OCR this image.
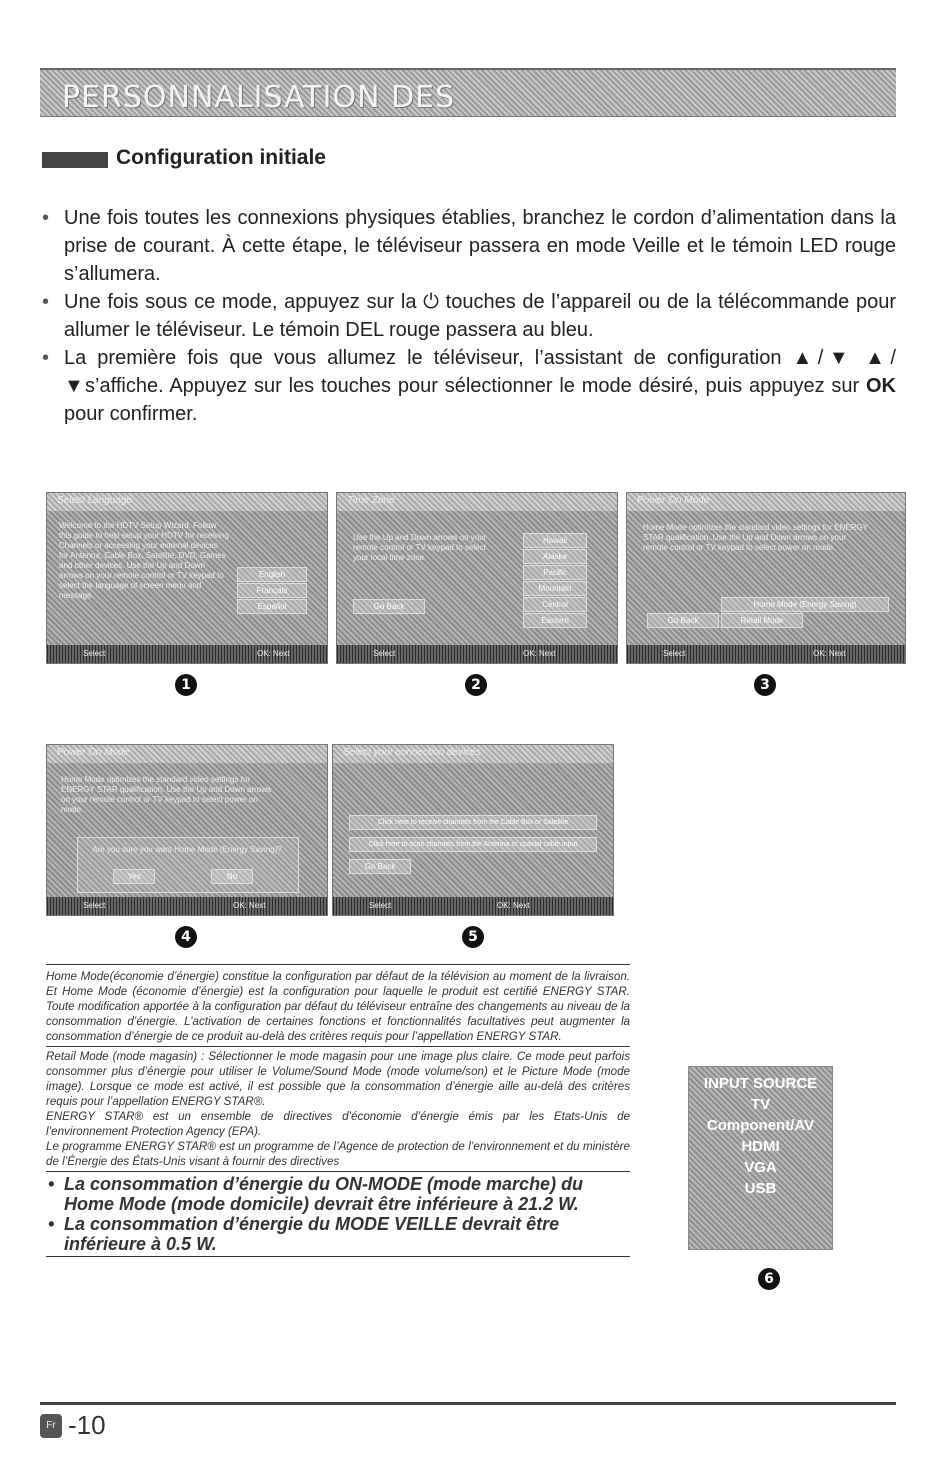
PERSONNALISATION DES
Configuration initiale
• Une fois toutes les connexions physiques établies, branchez le cordon d’alimentation dans la prise de courant. À cette étape, le téléviseur passera en mode Veille et le témoin LED rouge s’allumera.
• Une fois sous ce mode, appuyez sur la ⏻ touches de l’appareil ou de la télécommande pour allumer le téléviseur. Le témoin DEL rouge passera au bleu.
• La première fois que vous allumez le téléviseur, l’assistant de configuration ▲/▼ ▲/▼s’affiche. Appuyez sur les touches pour sélectionner le mode désiré, puis appuyez sur OK pour confirmer.
Select Language
Welcome to the HDTV Setup Wizard. Follow this guide to help setup your HDTV for receiving Channels or accessing your external devices for Antenna, Cable Box, Satellite, DVD, Games and other devices. Use the Up and Down arrows on your remote control or TV keypad to select the language of screen menu and message.
English
Français
Español
Select	OK: Next
1
Time Zone
Use the Up and Down arrows on your remote control or TV keypad to select your local time zone.
Go Back
Hawaii
Alaska
Pacific
Mountain
Central
Eastern
Select	OK: Next
2
Power On Mode
Home Mode optimizes the standard video settings for ENERGY STAR qualification. Use the Up and Down arrows on your remote control or TV keypad to select power on mode.
Home Mode (Energy Saving)
Go Back	Retail Mode
Select	OK: Next
3
Power On Mode
Home Mode optimizes the standard video settings for ENERGY STAR qualification. Use the Up and Down arrows on your remote control or TV keypad to select power on mode.
Are you sure you want Home Mode (Energy Saving)?
Yes	No
Select	OK: Next
4
Select your connection devices
Click here to receive channels from the Cable Box or Satellite
Click here to scan channels from the Antenna or coaxial cable input
Go Back
Select	OK: Next
5

Home Mode(économie d’énergie) constitue la configuration par défaut de la télévision au moment de la livraison. Et Home Mode (économie d’énergie) est la configuration pour laquelle le produit est certifié ENERGY STAR. Toute modification apportée à la configuration par défaut du téléviseur entraîne des changements au niveau de la consommation d’énergie. L’activation de certaines fonctions et fonctionnalités facultatives peut augmenter la consommation d’énergie de ce produit au-delà des critères requis pour l’appellation ENERGY STAR.

Retail Mode (mode magasin) : Sélectionner le mode magasin pour une image plus claire. Ce mode peut parfois consommer plus d’énergie pour utiliser le Volume/Sound Mode (mode volume/son) et le Picture Mode (mode image). Lorsque ce mode est activé, il est possible que la consommation d’énergie aille au-delà des critères requis pour l’appellation ENERGY STAR®.

ENERGY STAR® est un ensemble de directives d’économie d’énergie émis par les Etats-Unis de l’environnement Protection Agency (EPA).

Le programme ENERGY STAR® est un programme de l’Agence de protection de l’environnement et du ministère de l’Énergie des États-Unis visant à fournir des directives

• La consommation d’énergie du ON-MODE (mode marche) du Home Mode (mode domicile) devrait être inférieure à 21.2 W.
• La consommation d’énergie du MODE VEILLE devrait être inférieure à 0.5 W.
INPUT SOURCE
TV
Component/AV
HDMI
VGA
USB
6
Fr -10
